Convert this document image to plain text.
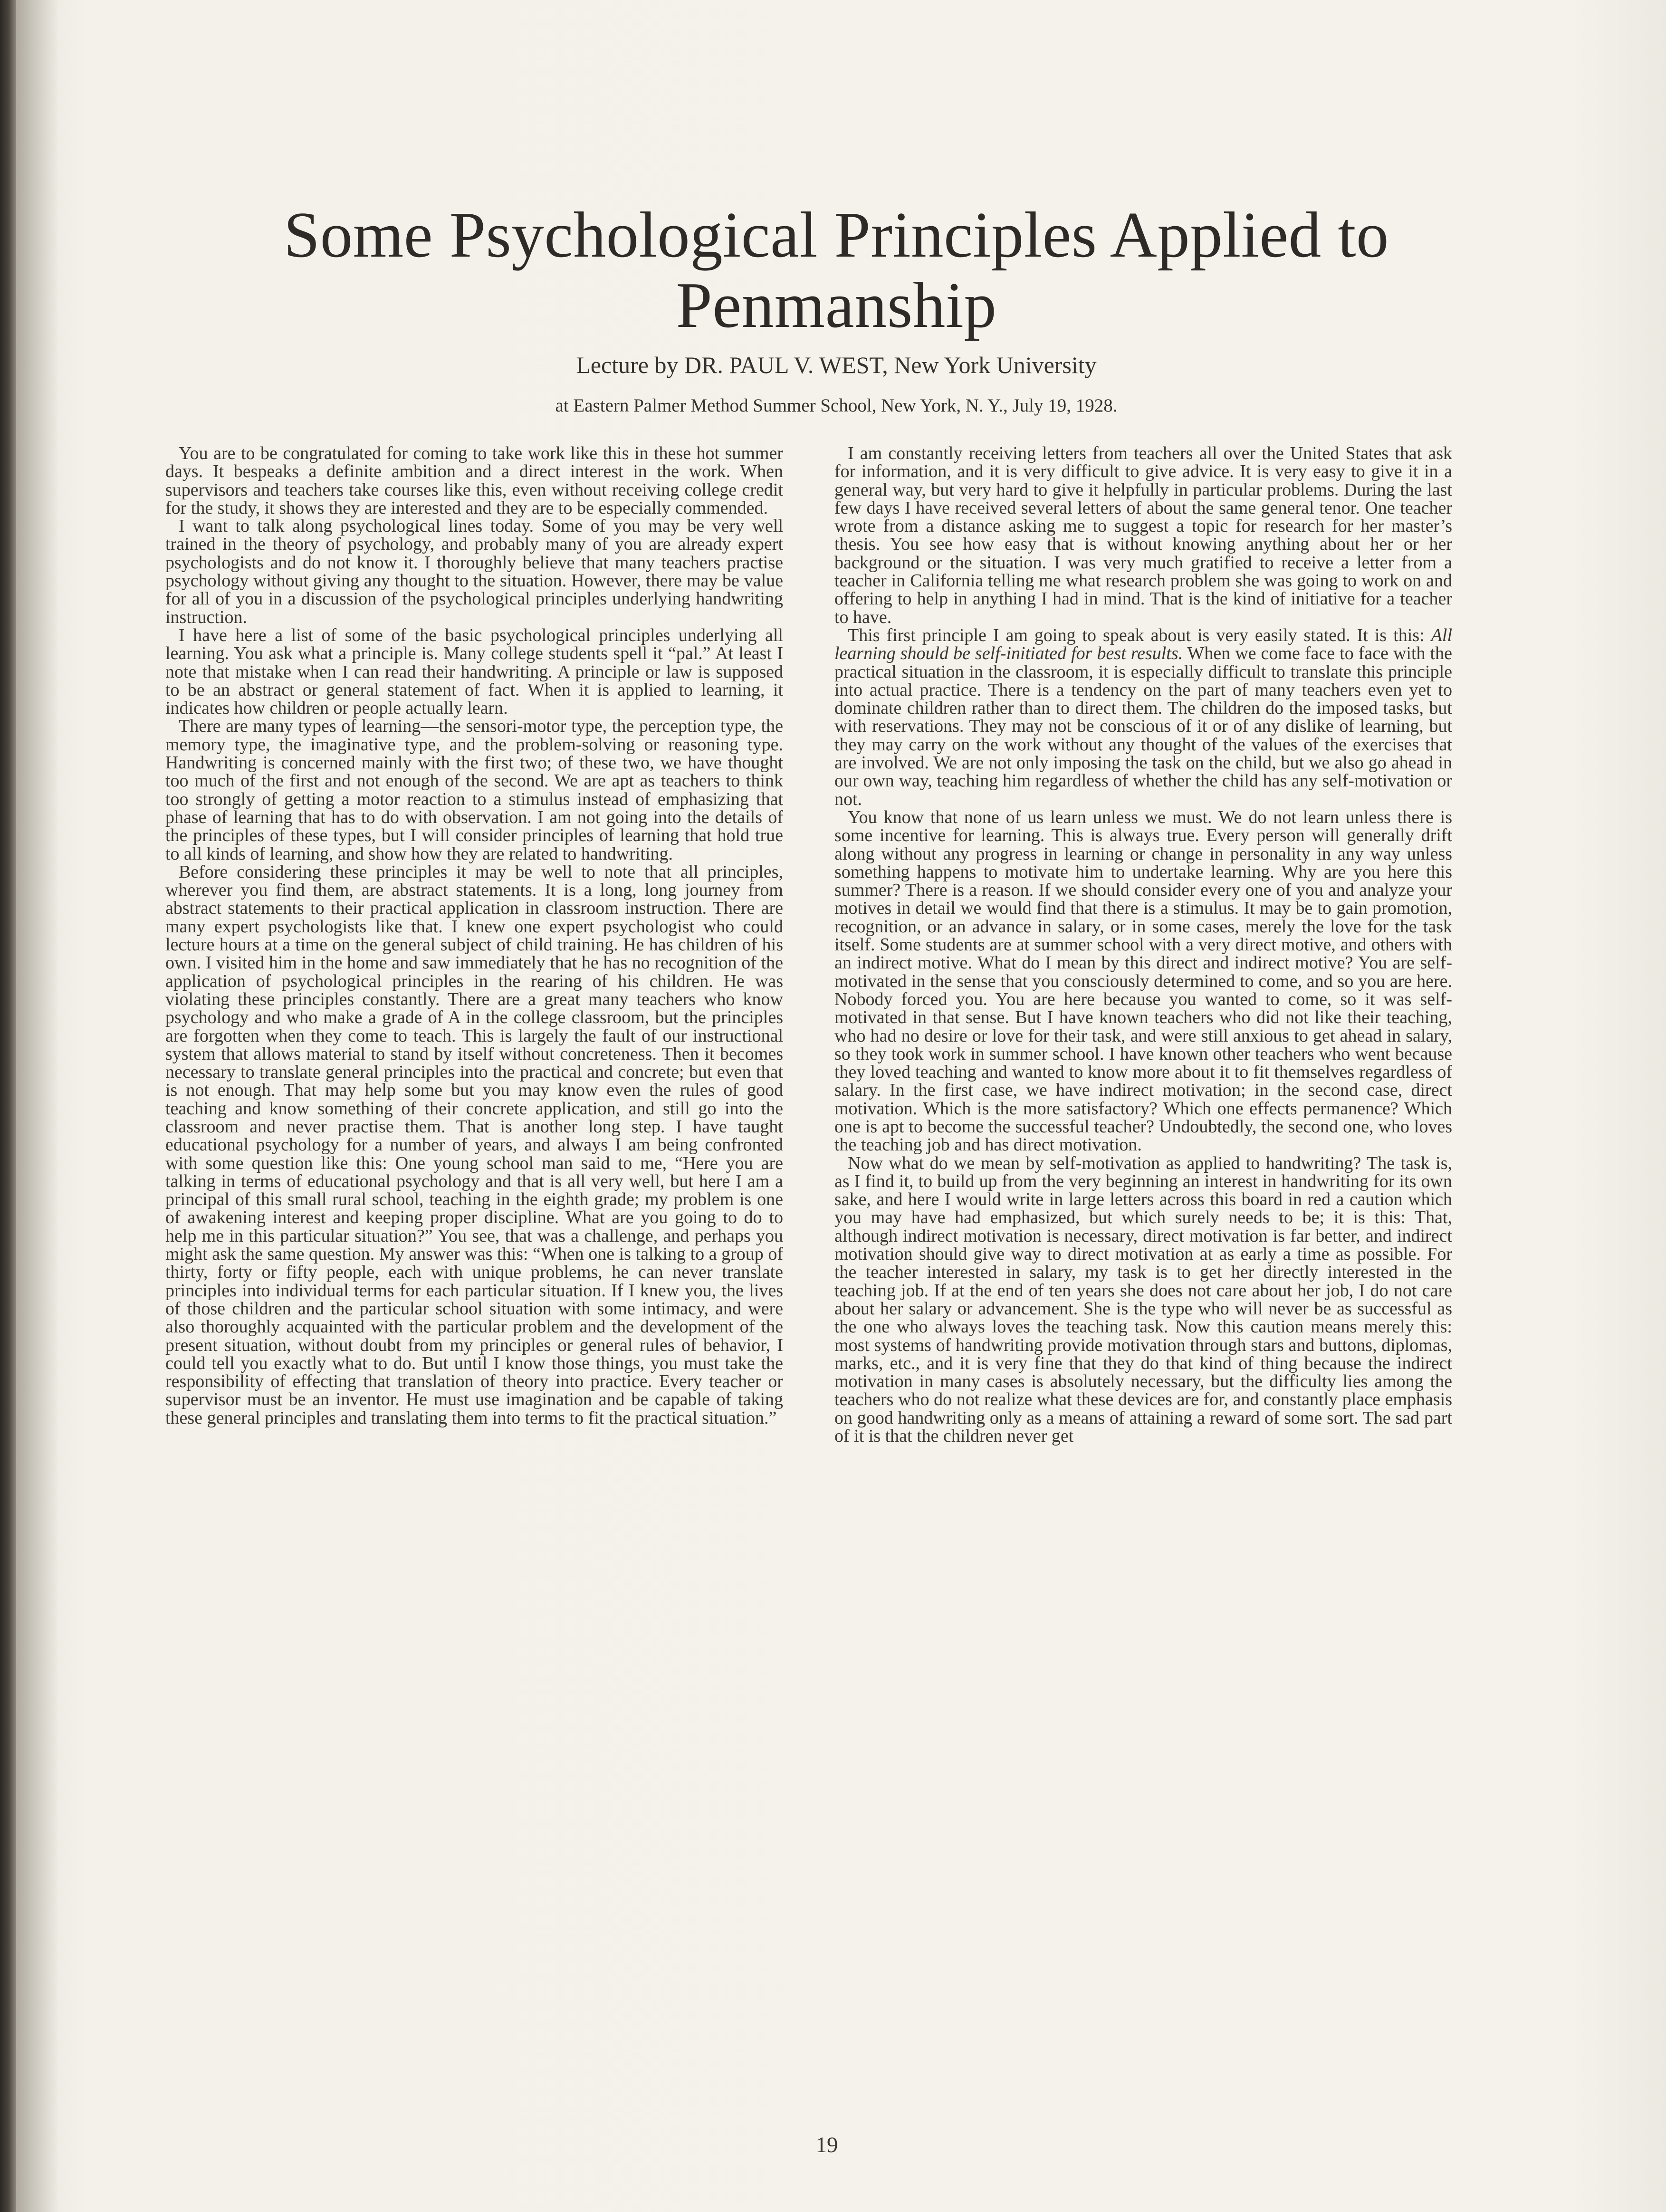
Some Psychological Principles Applied to
Penmanship
Lecture by DR. PAUL V. WEST, New York University
at Eastern Palmer Method Summer School, New York, N. Y., July 19, 1928.

You are to be congratulated for coming to take work like this in these hot summer days. It bespeaks a definite ambition and a direct interest in the work. When supervisors and teachers take courses like this, even without receiving college credit for the study, it shows they are interested and they are to be especially commended.

I want to talk along psychological lines today. Some of you may be very well trained in the theory of psychology, and probably many of you are already expert psychologists and do not know it. I thoroughly believe that many teachers practise psychology without giving any thought to the situation. However, there may be value for all of you in a discussion of the psychological principles underlying handwriting instruction.

I have here a list of some of the basic psychological principles underlying all learning. You ask what a principle is. Many college students spell it “pal.” At least I note that mistake when I can read their handwriting. A principle or law is supposed to be an abstract or general statement of fact. When it is applied to learning, it indicates how children or people actually learn.

There are many types of learning—the sensori-motor type, the perception type, the memory type, the imaginative type, and the problem-solving or reasoning type. Handwriting is concerned mainly with the first two; of these two, we have thought too much of the first and not enough of the second. We are apt as teachers to think too strongly of getting a motor reaction to a stimulus instead of emphasizing that phase of learning that has to do with observation. I am not going into the details of the principles of these types, but I will consider principles of learning that hold true to all kinds of learning, and show how they are related to handwriting.

Before considering these principles it may be well to note that all principles, wherever you find them, are abstract statements. It is a long, long journey from abstract statements to their practical application in classroom instruction. There are many expert psychologists like that. I knew one expert psychologist who could lecture hours at a time on the general subject of child training. He has children of his own. I visited him in the home and saw immediately that he has no recognition of the application of psychological principles in the rearing of his children. He was violating these principles constantly. There are a great many teachers who know psychology and who make a grade of A in the college classroom, but the principles are forgotten when they come to teach. This is largely the fault of our instructional system that allows material to stand by itself without concreteness. Then it becomes necessary to translate general principles into the practical and concrete; but even that is not enough. That may help some but you may know even the rules of good teaching and know something of their concrete application, and still go into the classroom and never practise them. That is another long step. I have taught educational psychology for a number of years, and always I am being confronted with some question like this: One young school man said to me, “Here you are talking in terms of educational psychology and that is all very well, but here I am a principal of this small rural school, teaching in the eighth grade; my problem is one of awakening interest and keeping proper discipline. What are you going to do to help me in this particular situation?” You see, that was a challenge, and perhaps you might ask the same question. My answer was this: “When one is talking to a group of thirty, forty or fifty people, each with unique problems, he can never translate principles into individual terms for each particular situation. If I knew you, the lives of those children and the particular school situation with some intimacy, and were also thoroughly acquainted with the particular problem and the development of the present situation, without doubt from my principles or general rules of behavior, I could tell you exactly what to do. But until I know those things, you must take the responsibility of effecting that translation of theory into practice. Every teacher or supervisor must be an inventor. He must use imagination and be capable of taking these general principles and translating them into terms to fit the practical situation.”

I am constantly receiving letters from teachers all over the United States that ask for information, and it is very difficult to give advice. It is very easy to give it in a general way, but very hard to give it helpfully in particular problems. During the last few days I have received several letters of about the same general tenor. One teacher wrote from a distance asking me to suggest a topic for research for her master’s thesis. You see how easy that is without knowing anything about her or her background or the situation. I was very much gratified to receive a letter from a teacher in California telling me what research problem she was going to work on and offering to help in anything I had in mind. That is the kind of initiative for a teacher to have.

This first principle I am going to speak about is very easily stated. It is this: All learning should be self-initiated for best results. When we come face to face with the practical situation in the classroom, it is especially difficult to translate this principle into actual practice. There is a tendency on the part of many teachers even yet to dominate children rather than to direct them. The children do the imposed tasks, but with reservations. They may not be conscious of it or of any dislike of learning, but they may carry on the work without any thought of the values of the exercises that are involved. We are not only imposing the task on the child, but we also go ahead in our own way, teaching him regardless of whether the child has any self-motivation or not.

You know that none of us learn unless we must. We do not learn unless there is some incentive for learning. This is always true. Every person will generally drift along without any progress in learning or change in personality in any way unless something happens to motivate him to undertake learning. Why are you here this summer? There is a reason. If we should consider every one of you and analyze your motives in detail we would find that there is a stimulus. It may be to gain promotion, recognition, or an advance in salary, or in some cases, merely the love for the task itself. Some students are at summer school with a very direct motive, and others with an indirect motive. What do I mean by this direct and indirect motive? You are self-motivated in the sense that you consciously determined to come, and so you are here. Nobody forced you. You are here because you wanted to come, so it was self-motivated in that sense. But I have known teachers who did not like their teaching, who had no desire or love for their task, and were still anxious to get ahead in salary, so they took work in summer school. I have known other teachers who went because they loved teaching and wanted to know more about it to fit themselves regardless of salary. In the first case, we have indirect motivation; in the second case, direct motivation. Which is the more satisfactory? Which one effects permanence? Which one is apt to become the successful teacher? Undoubtedly, the second one, who loves the teaching job and has direct motivation.

Now what do we mean by self-motivation as applied to handwriting? The task is, as I find it, to build up from the very beginning an interest in handwriting for its own sake, and here I would write in large letters across this board in red a caution which you may have had emphasized, but which surely needs to be; it is this: That, although indirect motivation is necessary, direct motivation is far better, and indirect motivation should give way to direct motivation at as early a time as possible. For the teacher interested in salary, my task is to get her directly interested in the teaching job. If at the end of ten years she does not care about her job, I do not care about her salary or advancement. She is the type who will never be as successful as the one who always loves the teaching task. Now this caution means merely this: most systems of handwriting provide motivation through stars and buttons, diplomas, marks, etc., and it is very fine that they do that kind of thing because the indirect motivation in many cases is absolutely necessary, but the difficulty lies among the teachers who do not realize what these devices are for, and constantly place emphasis on good handwriting only as a means of attaining a reward of some sort. The sad part of it is that the children never get

19
